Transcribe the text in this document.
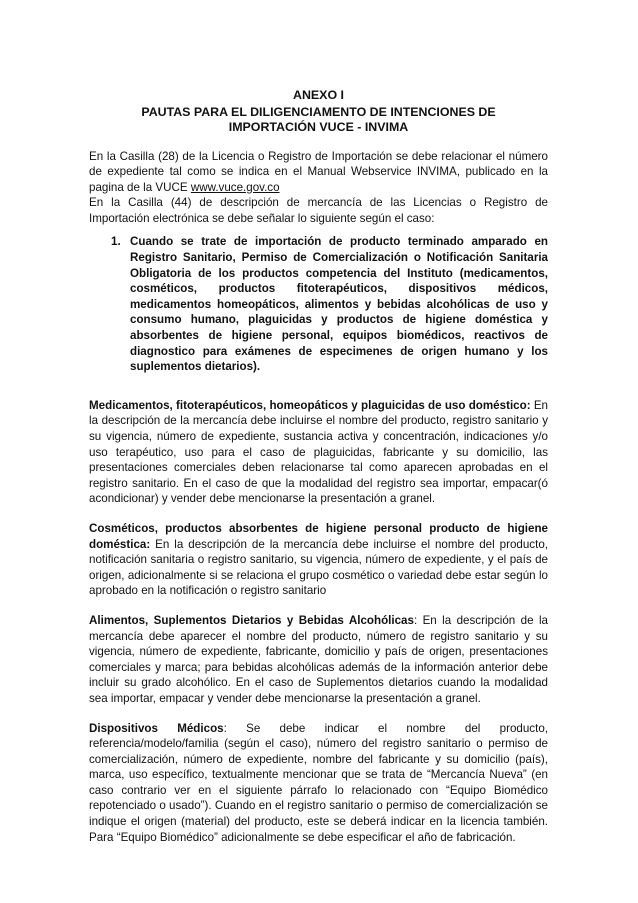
ANEXO I
PAUTAS PARA EL DILIGENCIAMENTO DE INTENCIONES DE
IMPORTACIÓN VUCE - INVIMA

En la Casilla (28) de la Licencia o Registro de Importación se debe relacionar el número de expediente tal como se indica en el Manual Webservice INVIMA, publicado en la pagina de la VUCE www.vuce.gov.co

En la Casilla (44) de descripción de mercancía de las Licencias o Registro de Importación electrónica se debe señalar lo siguiente según el caso:

1. Cuando se trate de importación de producto terminado amparado en Registro Sanitario, Permiso de Comercialización o Notificación Sanitaria Obligatoria de los productos competencia del Instituto (medicamentos, cosméticos, productos fitoterapéuticos, dispositivos médicos, medicamentos homeopáticos, alimentos y bebidas alcohólicas de uso y consumo humano, plaguicidas y productos de higiene doméstica y absorbentes de higiene personal, equipos biomédicos, reactivos de diagnostico para exámenes de especimenes de origen humano y los suplementos dietarios).

Medicamentos, fitoterapéuticos, homeopáticos y plaguicidas de uso doméstico: En la descripción de la mercancía debe incluirse el nombre del producto, registro sanitario y su vigencia, número de expediente, sustancia activa y concentración, indicaciones y/o uso terapéutico, uso para el caso de plaguicidas, fabricante y su domicilio, las presentaciones comerciales deben relacionarse tal como aparecen aprobadas en el registro sanitario. En el caso de que la modalidad del registro sea importar, empacar(ó acondicionar) y vender debe mencionarse la presentación a granel.

Cosméticos, productos absorbentes de higiene personal producto de higiene doméstica: En la descripción de la mercancía debe incluirse el nombre del producto, notificación sanitaria o registro sanitario, su vigencia, número de expediente, y el país de origen, adicionalmente si se relaciona el grupo cosmético o variedad debe estar según lo aprobado en la notificación o registro sanitario

Alimentos, Suplementos Dietarios y Bebidas Alcohólicas: En la descripción de la mercancía debe aparecer el nombre del producto, número de registro sanitario y su vigencia, número de expediente, fabricante, domicilio y país de origen, presentaciones comerciales y marca; para bebidas alcohólicas además de la información anterior debe incluir su grado alcohólico. En el caso de Suplementos dietarios cuando la modalidad sea importar, empacar y vender debe mencionarse la presentación a granel.

Dispositivos Médicos: Se debe indicar el nombre del producto, referencia/modelo/familia (según el caso), número del registro sanitario o permiso de comercialización, número de expediente, nombre del fabricante y su domicilio (país), marca, uso específico, textualmente mencionar que se trata de “Mercancía Nueva” (en caso contrario ver en el siguiente párrafo lo relacionado con “Equipo Biomédico repotenciado o usado”). Cuando en el registro sanitario o permiso de comercialización se indique el origen (material) del producto, este se deberá indicar en la licencia también. Para “Equipo Biomédico” adicionalmente se debe especificar el año de fabricación.
